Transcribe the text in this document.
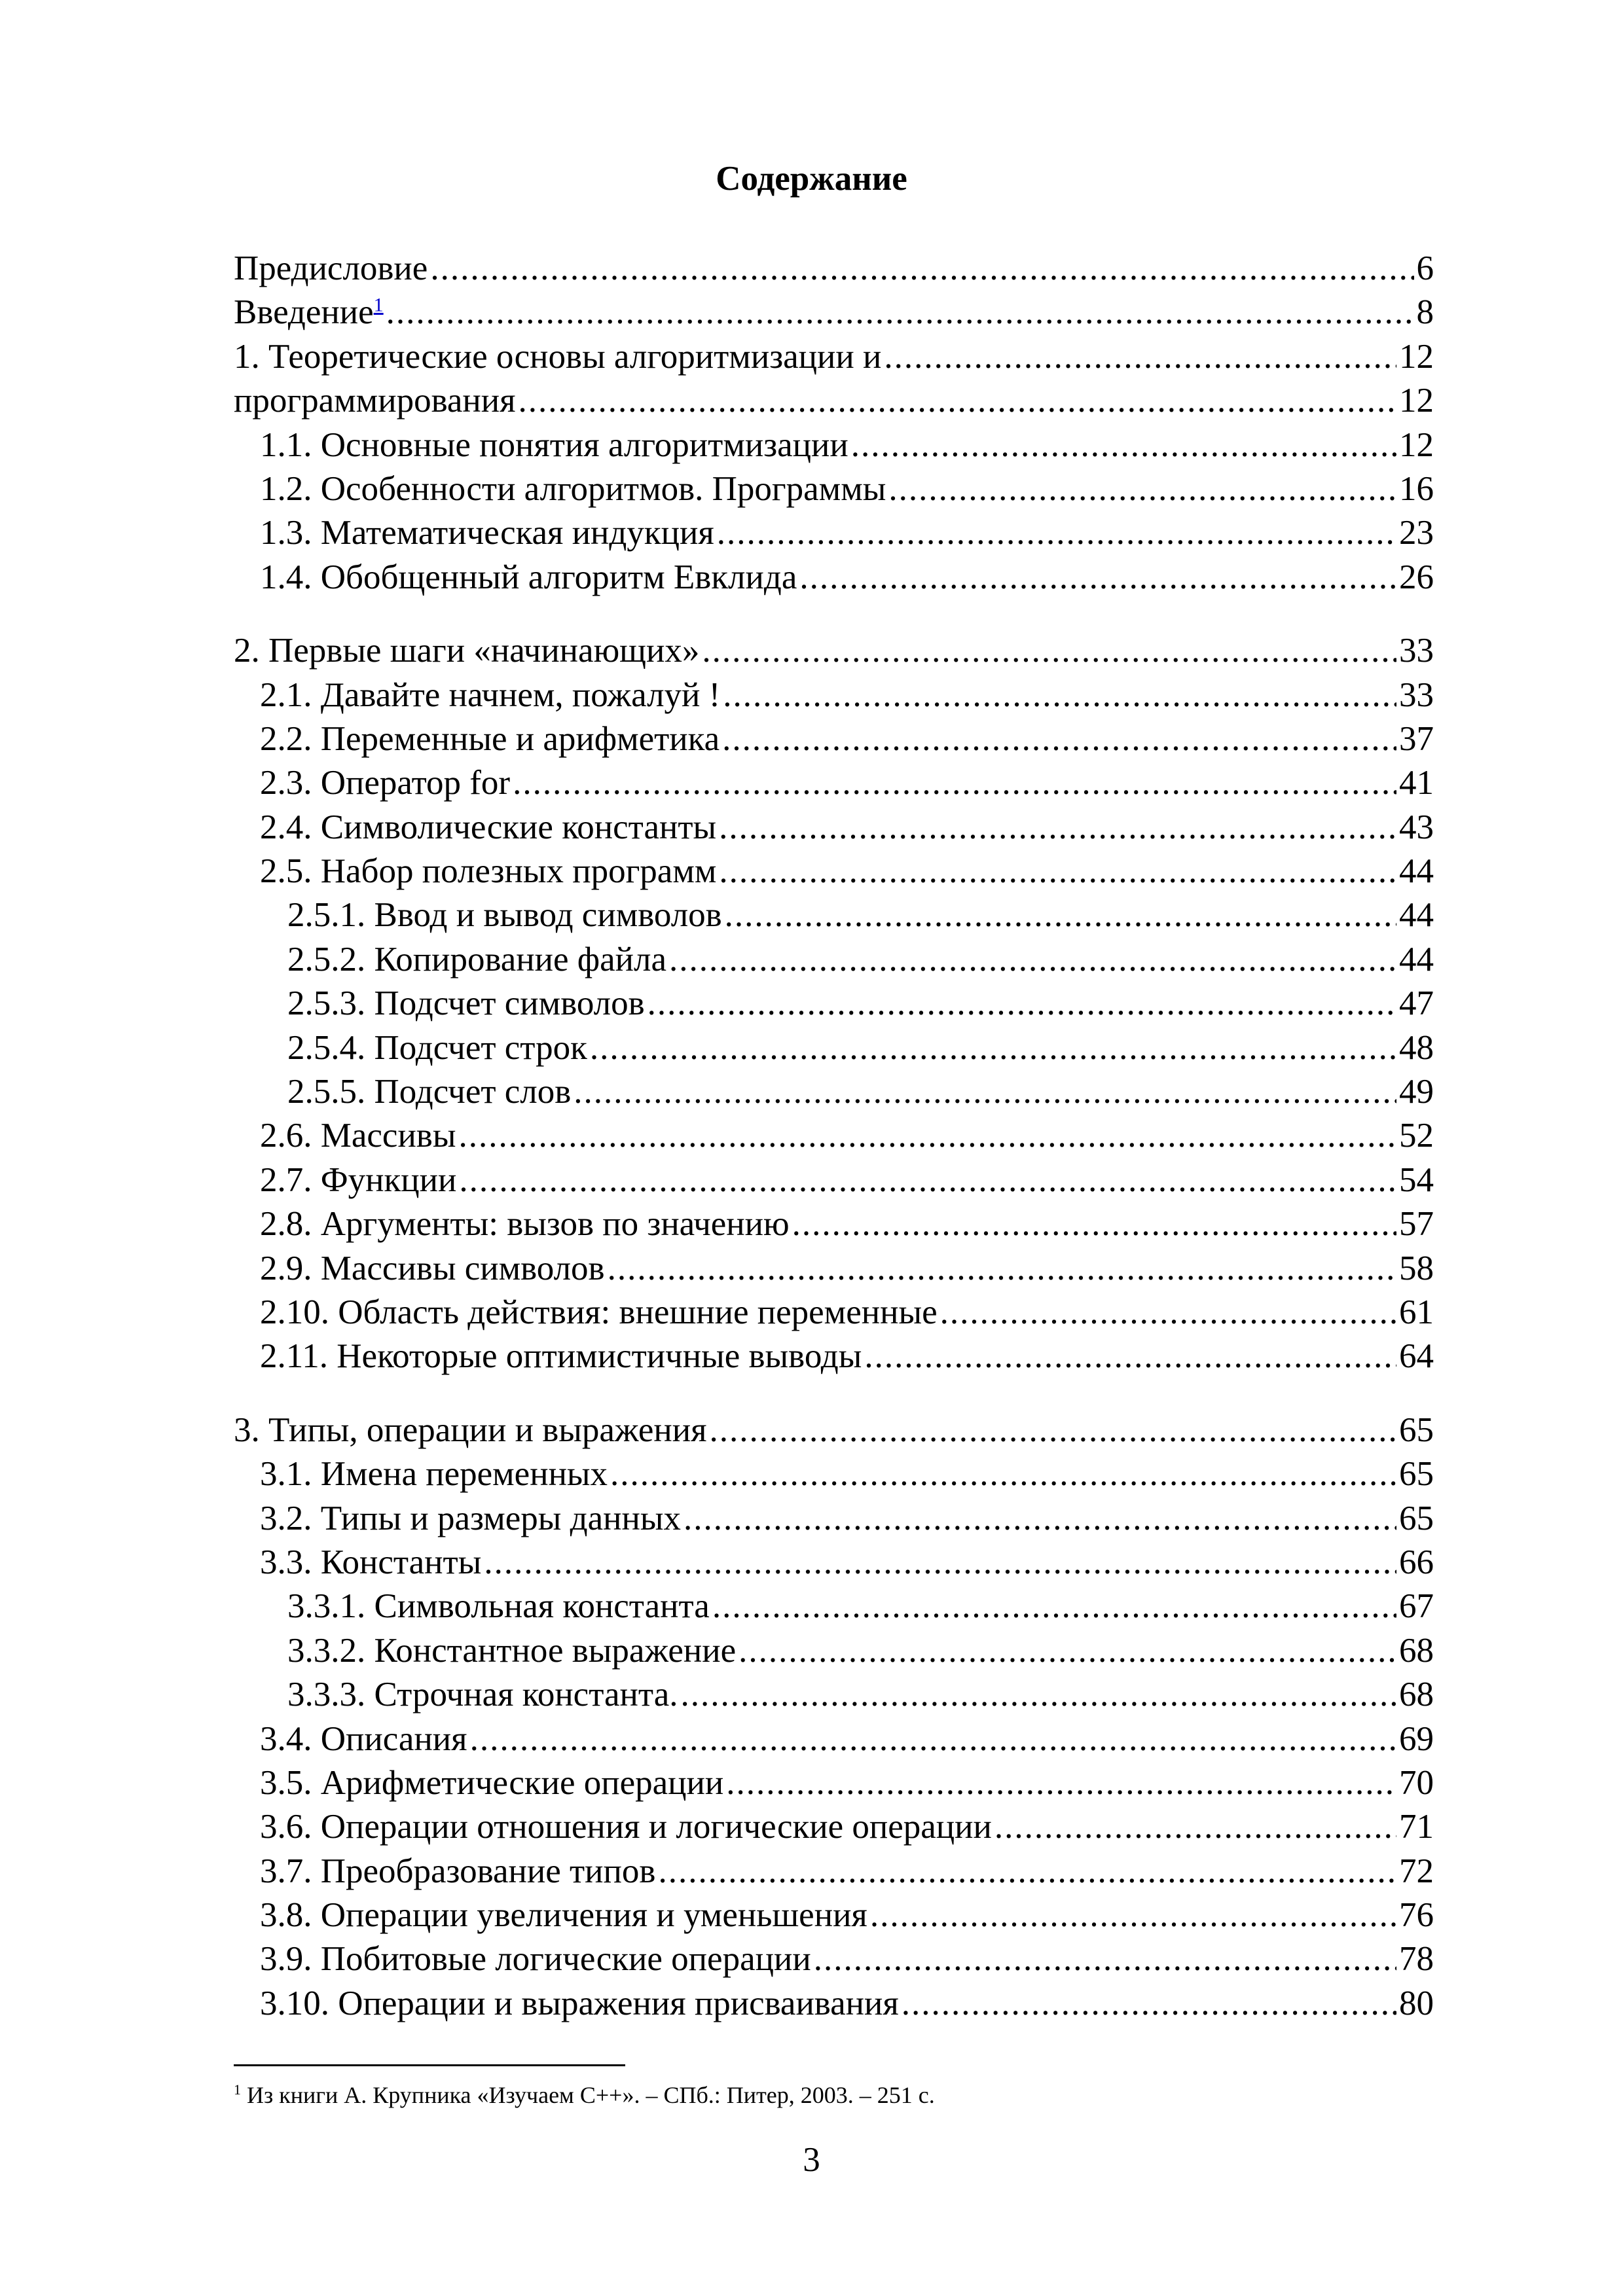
Содержание
Предисловие .....	6
Введение$^1$ .....	8
1. Теоретические основы алгоритмизации и .....	12
программирования .....	12
1.1. Основные понятия алгоритмизации .....	12
1.2. Особенности алгоритмов. Программы .....	16
1.3. Математическая индукция .....	23
1.4. Обобщенный алгоритм Евклида .....	26
2. Первые шаги «начинающих» .....	33
2.1. Давайте начнем, пожалуй ! .....	33
2.2. Переменные и арифметика .....	37
2.3. Оператор for .....	41
2.4. Символические константы .....	43
2.5. Набор полезных программ .....	44
2.5.1. Ввод и вывод символов .....	44
2.5.2. Копирование файла .....	44
2.5.3. Подсчет символов .....	47
2.5.4. Подсчет строк .....	48
2.5.5. Подсчет слов .....	49
2.6. Массивы .....	52
2.7. Функции .....	54
2.8. Аргументы: вызов по значению .....	57
2.9. Массивы символов .....	58
2.10. Область действия: внешние переменные .....	61
2.11. Некоторые оптимистичные выводы .....	64
3. Типы, операции и выражения .....	65
3.1. Имена переменных .....	65
3.2. Типы и размеры данных .....	65
3.3. Константы .....	66
3.3.1. Символьная константа .....	67
3.3.2. Константное выражение .....	68
3.3.3. Строчная константа. .....	68
3.4. Описания .....	69
3.5. Арифметические операции .....	70
3.6. Операции отношения и логические операции .....	71
3.7. Преобразование типов .....	72
3.8. Операции увеличения и уменьшения .....	76
3.9. Побитовые логические операции .....	78
3.10. Операции и выражения присваивания .....	80
$^1$ Из книги А. Крупника «Изучаем С++». – СПб.: Питер, 2003. – 251 с.
3
